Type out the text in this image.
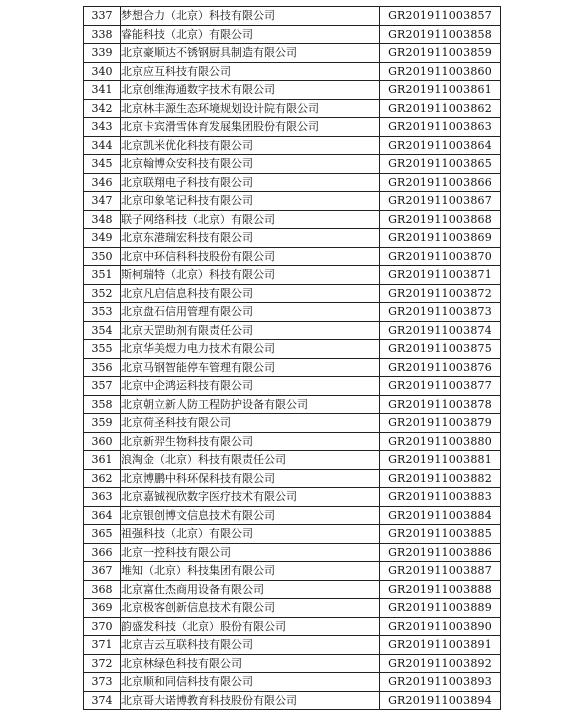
337	梦想合力（北京）科技有限公司	GR201911003857
338	睿能科技（北京）有限公司	GR201911003858
339	北京豪顺达不锈钢厨具制造有限公司	GR201911003859
340	北京应互科技有限公司	GR201911003860
341	北京创维海通数字技术有限公司	GR201911003861
342	北京林丰源生态环境规划设计院有限公司	GR201911003862
343	北京卡宾滑雪体育发展集团股份有限公司	GR201911003863
344	北京凯米优化科技有限公司	GR201911003864
345	北京翰博众安科技有限公司	GR201911003865
346	北京联翔电子科技有限公司	GR201911003866
347	北京印象笔记科技有限公司	GR201911003867
348	联子网络科技（北京）有限公司	GR201911003868
349	北京东港瑞宏科技有限公司	GR201911003869
350	北京中环信科科技股份有限公司	GR201911003870
351	斯柯瑞特（北京）科技有限公司	GR201911003871
352	北京凡启信息科技有限公司	GR201911003872
353	北京盘石信用管理有限公司	GR201911003873
354	北京天罡助剂有限责任公司	GR201911003874
355	北京华美煜力电力技术有限公司	GR201911003875
356	北京马钢智能停车管理有限公司	GR201911003876
357	北京中企鸿运科技有限公司	GR201911003877
358	北京朝立新人防工程防护设备有限公司	GR201911003878
359	北京荷圣科技有限公司	GR201911003879
360	北京新羿生物科技有限公司	GR201911003880
361	浪淘金（北京）科技有限责任公司	GR201911003881
362	北京博鹏中科环保科技有限公司	GR201911003882
363	北京嘉铖视欣数字医疗技术有限公司	GR201911003883
364	北京银创博文信息技术有限公司	GR201911003884
365	祖强科技（北京）有限公司	GR201911003885
366	北京一控科技有限公司	GR201911003886
367	堆知（北京）科技集团有限公司	GR201911003887
368	北京富仕杰商用设备有限公司	GR201911003888
369	北京极客创新信息技术有限公司	GR201911003889
370	韵盛发科技（北京）股份有限公司	GR201911003890
371	北京吉云互联科技有限公司	GR201911003891
372	北京林绿色科技有限公司	GR201911003892
373	北京顺和同信科技有限公司	GR201911003893
374	北京哥大诺博教育科技股份有限公司	GR201911003894
